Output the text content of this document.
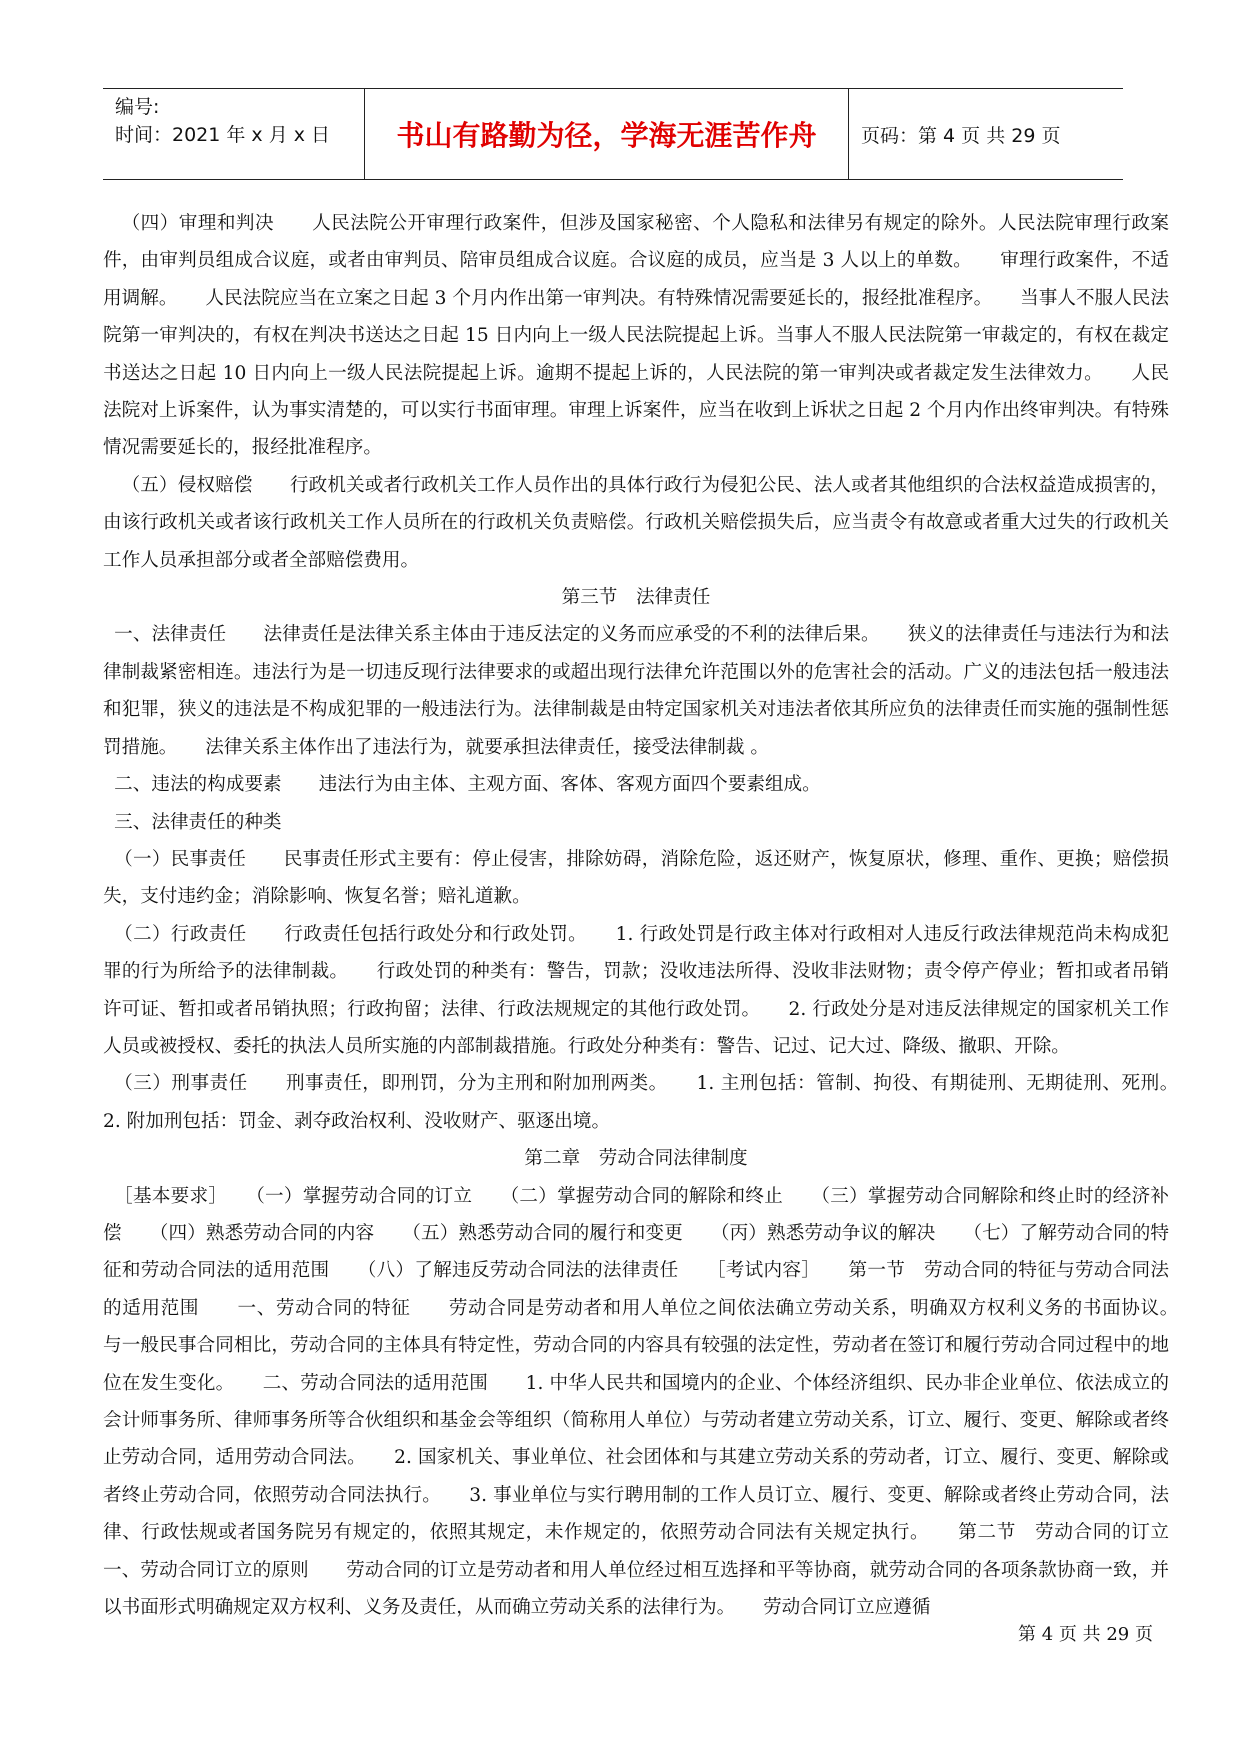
编号:
时间：2021 年 x 月 x 日	书山有路勤为径，学海无涯苦作舟 页码：第 4 页 共 29 页

（四）审理和判决　　人民法院公开审理行政案件，但涉及国家秘密、个人隐私和法律另有规定的除外。人民法院审理行政案件，由审判员组成合议庭，或者由审判员、陪审员组成合议庭。合议庭的成员，应当是 3 人以上的单数。　　审理行政案件，不适用调解。　　人民法院应当在立案之日起 3 个月内作出第一审判决。有特殊情况需要延长的，报经批准程序。　　当事人不服人民法院第一审判决的，有权在判决书送达之日起 15 日内向上一级人民法院提起上诉。当事人不服人民法院第一审裁定的，有权在裁定书送达之日起 10 日内向上一级人民法院提起上诉。逾期不提起上诉的，人民法院的第一审判决或者裁定发生法律效力。　　人民法院对上诉案件，认为事实清楚的，可以实行书面审理。审理上诉案件，应当在收到上诉状之日起 2 个月内作出终审判决。有特殊情况需要延长的，报经批准程序。

（五）侵权赔偿　　行政机关或者行政机关工作人员作出的具体行政行为侵犯公民、法人或者其他组织的合法权益造成损害的，由该行政机关或者该行政机关工作人员所在的行政机关负责赔偿。行政机关赔偿损失后，应当责令有故意或者重大过失的行政机关工作人员承担部分或者全部赔偿费用。

第三节　法律责任

一、法律责任　　法律责任是法律关系主体由于违反法定的义务而应承受的不利的法律后果。　　狭义的法律责任与违法行为和法律制裁紧密相连。违法行为是一切违反现行法律要求的或超出现行法律允许范围以外的危害社会的活动。广义的违法包括一般违法和犯罪，狭义的违法是不构成犯罪的一般违法行为。法律制裁是由特定国家机关对违法者依其所应负的法律责任而实施的强制性惩罚措施。　　法律关系主体作出了违法行为，就要承担法律责任，接受法律制裁 。

二、违法的构成要素　　违法行为由主体、主观方面、客体、客观方面四个要素组成。

三、法律责任的种类

（一）民事责任　　民事责任形式主要有：停止侵害，排除妨碍，消除危险，返还财产，恢复原状，修理、重作、更换；赔偿损失，支付违约金；消除影响、恢复名誉；赔礼道歉。

（二）行政责任　　行政责任包括行政处分和行政处罚。　　1. 行政处罚是行政主体对行政相对人违反行政法律规范尚未构成犯罪的行为所给予的法律制裁。　　行政处罚的种类有：警告，罚款；没收违法所得、没收非法财物；责令停产停业；暂扣或者吊销许可证、暂扣或者吊销执照；行政拘留；法律、行政法规规定的其他行政处罚。　　2. 行政处分是对违反法律规定的国家机关工作人员或被授权、委托的执法人员所实施的内部制裁措施。行政处分种类有：警告、记过、记大过、降级、撤职、开除。

（三）刑事责任　　刑事责任，即刑罚，分为主刑和附加刑两类。　　1. 主刑包括：管制、拘役、有期徒刑、无期徒刑、死刑。　　2. 附加刑包括：罚金、剥夺政治权利、没收财产、驱逐出境。

第二章　劳动合同法律制度

［基本要求］　　（一）掌握劳动合同的订立　　（二）掌握劳动合同的解除和终止　　（三）掌握劳动合同解除和终止时的经济补偿　　（四）熟悉劳动合同的内容　　（五）熟悉劳动合同的履行和变更　　（丙）熟悉劳动争议的解决　　（七）了解劳动合同的特征和劳动合同法的适用范围　　（八）了解违反劳动合同法的法律责任　　［考试内容］　　第一节　劳动合同的特征与劳动合同法的适用范围　　一、劳动合同的特征　　劳动合同是劳动者和用人单位之间依法确立劳动关系，明确双方权利义务的书面协议。　　与一般民事合同相比，劳动合同的主体具有特定性，劳动合同的内容具有较强的法定性，劳动者在签订和履行劳动合同过程中的地位在发生变化。　　二、劳动合同法的适用范围　　1. 中华人民共和国境内的企业、个体经济组织、民办非企业单位、依法成立的会计师事务所、律师事务所等合伙组织和基金会等组织（简称用人单位）与劳动者建立劳动关系，订立、履行、变更、解除或者终止劳动合同，适用劳动合同法。　　2. 国家机关、事业单位、社会团体和与其建立劳动关系的劳动者，订立、履行、变更、解除或者终止劳动合同，依照劳动合同法执行。　　3. 事业单位与实行聘用制的工作人员订立、履行、变更、解除或者终止劳动合同，法律、行政怯规或者国务院另有规定的，依照其规定，未作规定的，依照劳动合同法有关规定执行。　　第二节　劳动合同的订立　　一、劳动合同订立的原则　　劳动合同的订立是劳动者和用人单位经过相互选择和平等协商，就劳动合同的各项条款协商一致，并以书面形式明确规定双方权利、义务及责任，从而确立劳动关系的法律行为。　　劳动合同订立应遵循

第 4 页 共 29 页
